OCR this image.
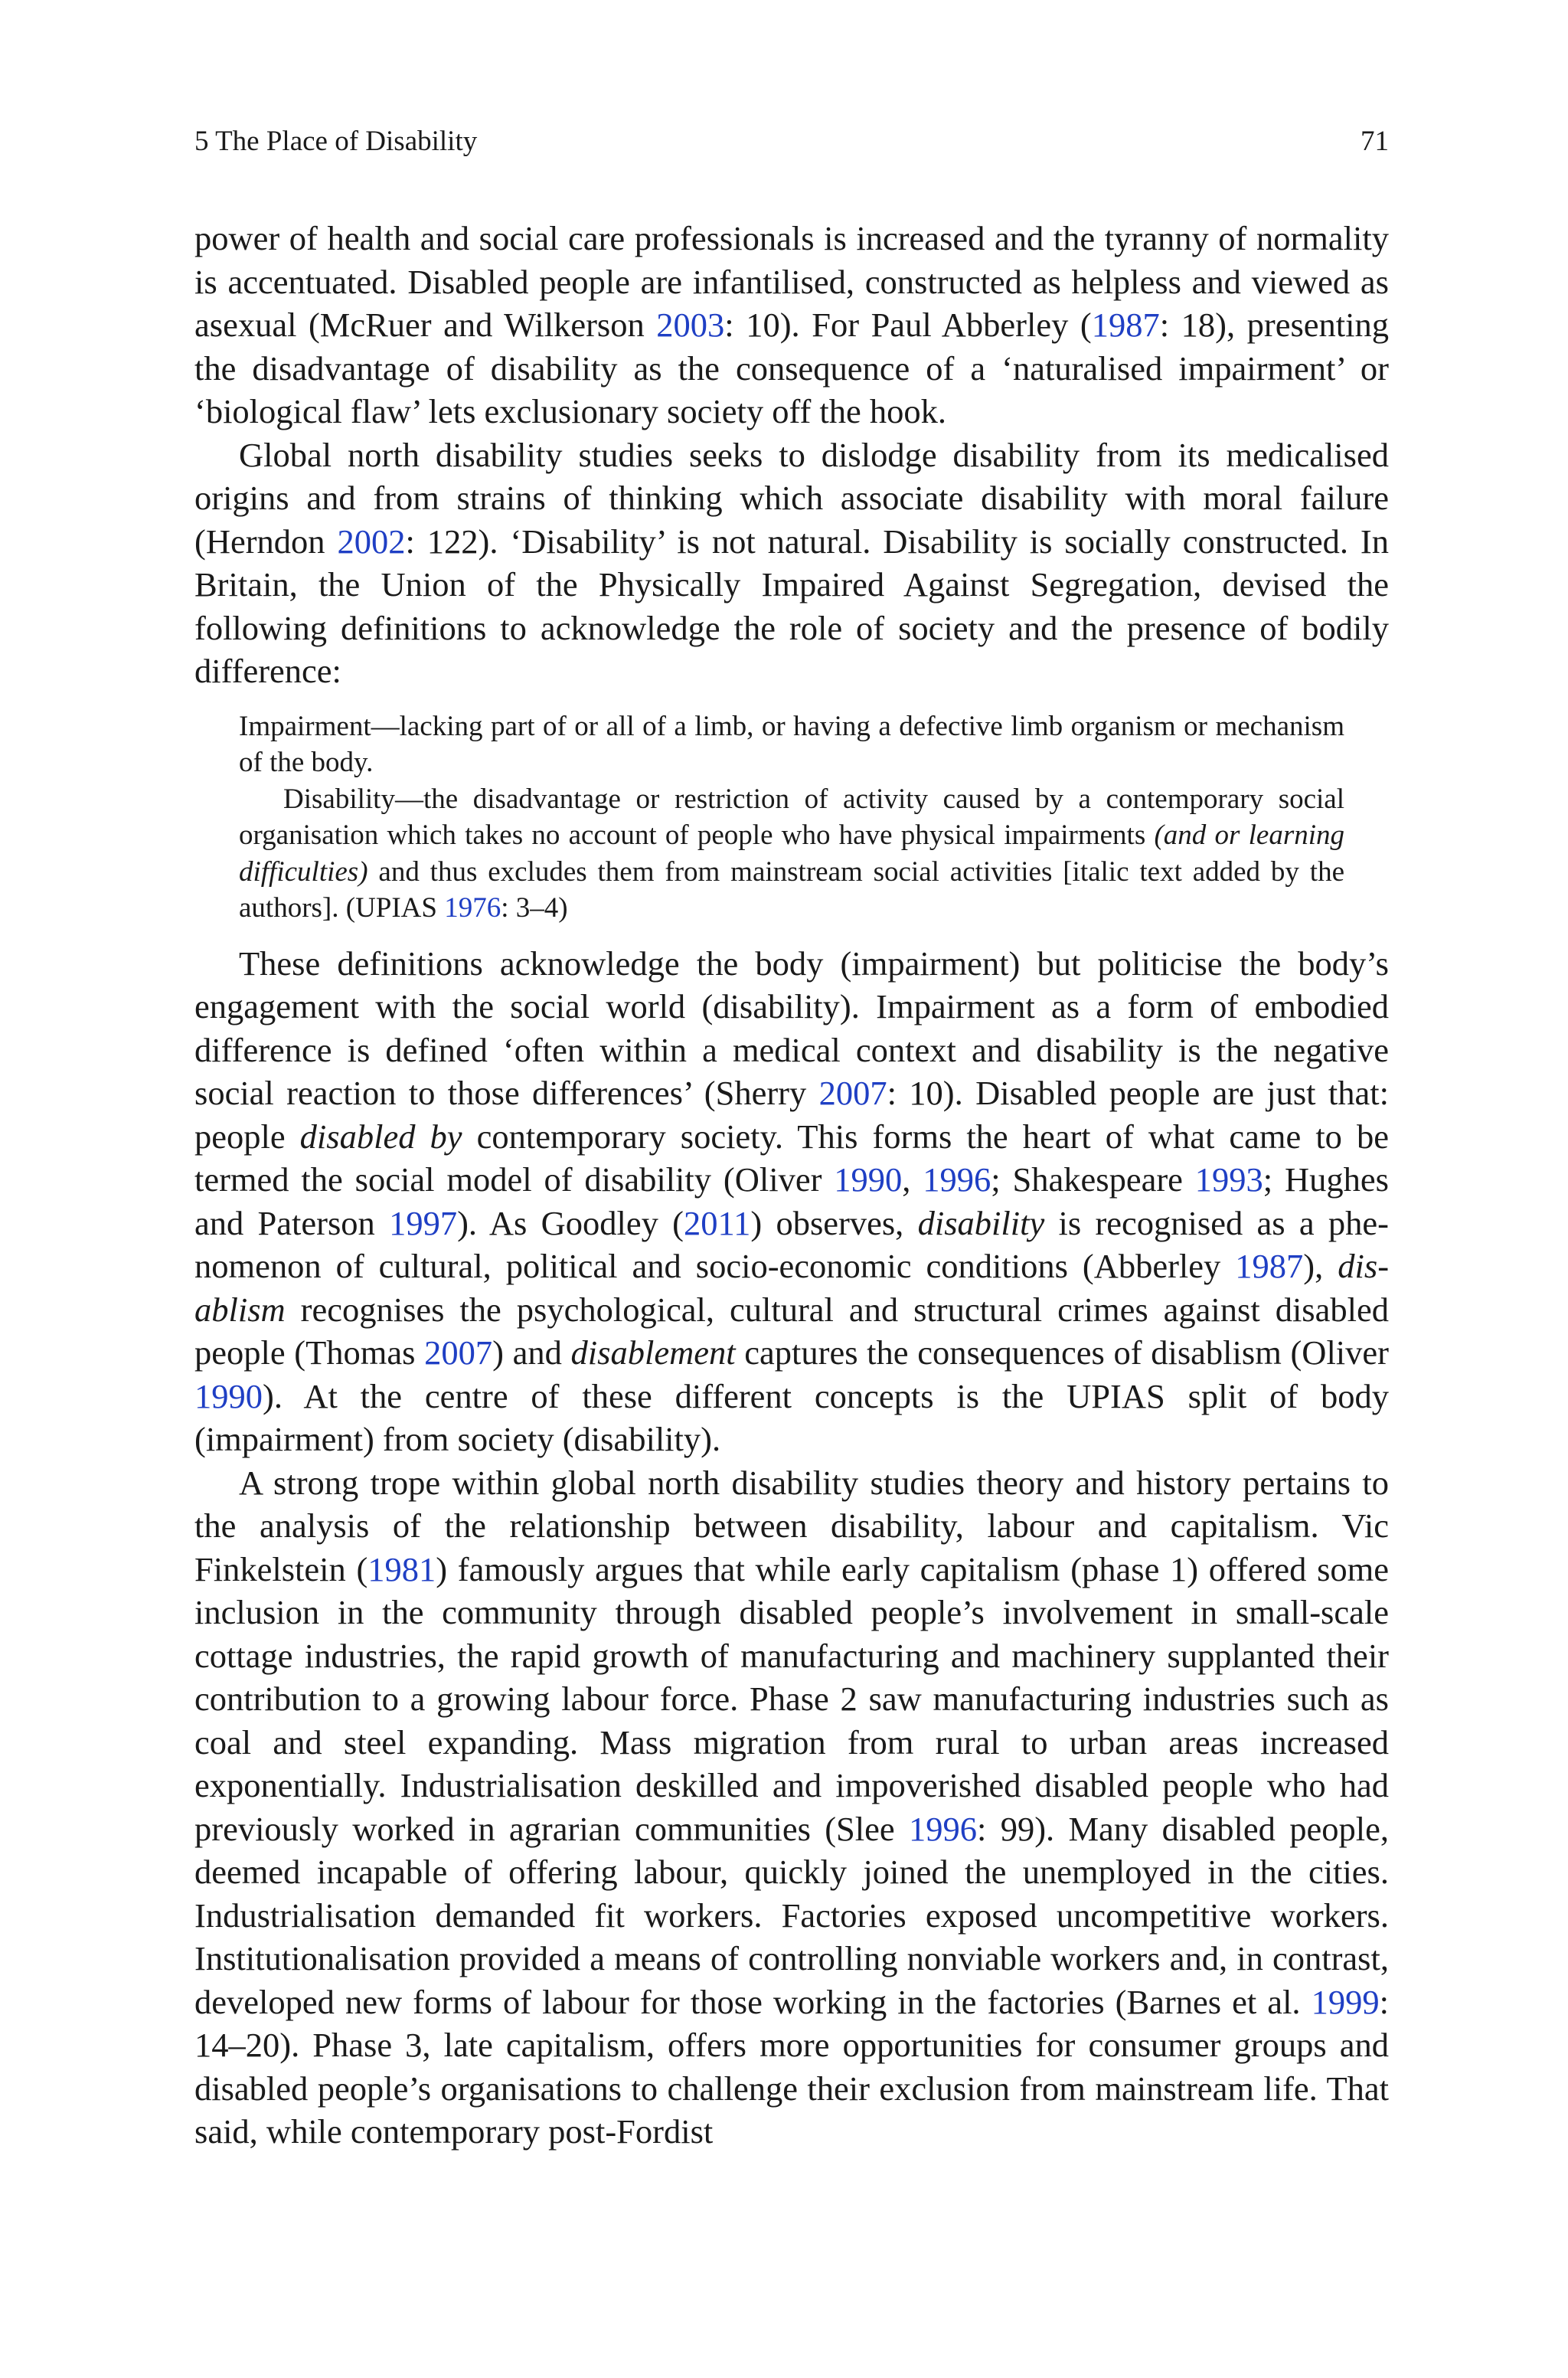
5 The Place of Disability	71

power of health and social care professionals is increased and the tyranny of normality is accentuated. Disabled people are infantilised, constructed as helpless and viewed as asexual (McRuer and Wilkerson 2003: 10). For Paul Abberley (1987: 18), presenting the disadvantage of disability as the consequence of a ‘naturalised impairment’ or ‘biological flaw’ lets exclusionary society off the hook.

Global north disability studies seeks to dislodge disability from its medicalised origins and from strains of thinking which associate disability with moral failure (Herndon 2002: 122). ‘Disability’ is not natural. Disability is socially constructed. In Britain, the Union of the Physically Impaired Against Segregation, devised the following definitions to acknowledge the role of society and the presence of bodily difference:

Impairment—lacking part of or all of a limb, or having a defective limb organism or mechanism of the body.

Disability—the disadvantage or restriction of activity caused by a contemporary social organisation which takes no account of people who have physical impairments (and or learning difficulties) and thus excludes them from mainstream social activities [italic text added by the authors]. (UPIAS 1976: 3–4)

These definitions acknowledge the body (impairment) but politicise the body’s engagement with the social world (disability). Impairment as a form of embodied difference is defined ‘often within a medical context and disability is the negative social reaction to those differences’ (Sherry 2007: 10). Disabled people are just that: people disabled by contemporary society. This forms the heart of what came to be termed the social model of disability (Oliver 1990, 1996; Shakespeare 1993; Hughes and Paterson 1997). As Goodley (2011) observes, disability is recognised as a phenomenon of cultural, political and socio-economic conditions (Abberley 1987), disablism recognises the psychological, cultural and structural crimes against disabled people (Thomas 2007) and disablement captures the consequences of disablism (Oliver 1990). At the centre of these different concepts is the UPIAS split of body (impairment) from society (disability).

A strong trope within global north disability studies theory and history pertains to the analysis of the relationship between disability, labour and capitalism. Vic Finkelstein (1981) famously argues that while early capitalism (phase 1) offered some inclusion in the community through disabled people’s involvement in small-scale cottage industries, the rapid growth of manufacturing and machinery supplanted their contribution to a growing labour force. Phase 2 saw manufacturing industries such as coal and steel expanding. Mass migration from rural to urban areas increased exponentially. Industrialisation deskilled and impoverished disabled people who had previously worked in agrarian communities (Slee 1996: 99). Many disabled people, deemed incapable of offering labour, quickly joined the unemployed in the cities. Industrialisation demanded fit workers. Factories exposed uncompetitive workers. Institutionalisation provided a means of controlling nonviable workers and, in contrast, developed new forms of labour for those working in the factories (Barnes et al. 1999: 14–20). Phase 3, late capitalism, offers more opportunities for consumer groups and disabled people’s organisations to challenge their exclusion from mainstream life. That said, while contemporary post-Fordist
